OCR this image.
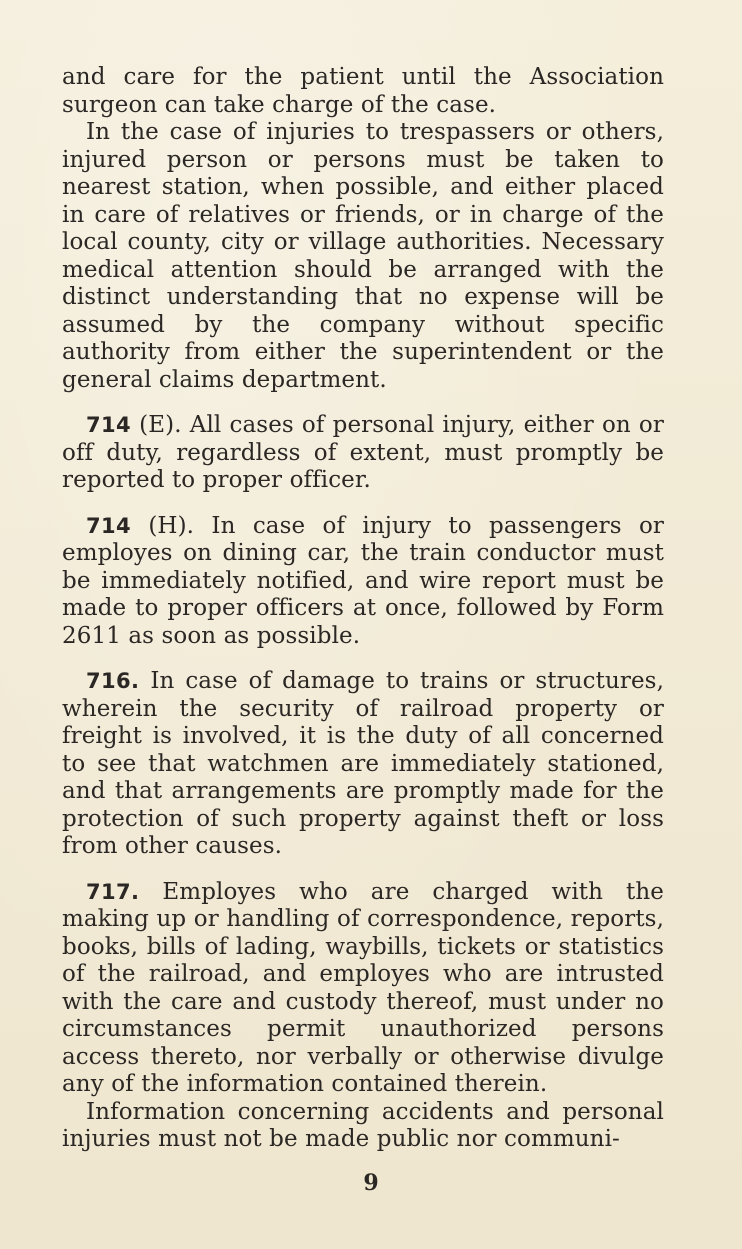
and care for the patient until the Association surgeon can take charge of the case.

In the case of injuries to trespassers or others, injured person or persons must be taken to nearest station, when possible, and either placed in care of relatives or friends, or in charge of the local county, city or village authorities. Necessary medical attention should be arranged with the distinct understanding that no expense will be assumed by the company without specific authority from either the superintendent or the general claims department.

714 (E). All cases of personal injury, either on or off duty, regardless of extent, must promptly be reported to proper officer.

714 (H). In case of injury to passengers or employes on dining car, the train conductor must be immediately notified, and wire report must be made to proper officers at once, followed by Form 2611 as soon as possible.

716. In case of damage to trains or structures, wherein the security of railroad property or freight is involved, it is the duty of all concerned to see that watchmen are immediately stationed, and that arrangements are promptly made for the protection of such property against theft or loss from other causes.

717. Employes who are charged with the making up or handling of correspondence, reports, books, bills of lading, waybills, tickets or statistics of the railroad, and employes who are intrusted with the care and custody thereof, must under no circumstances permit unauthorized persons access thereto, nor verbally or otherwise divulge any of the information contained therein.

Information concerning accidents and personal injuries must not be made public nor communi-

9
